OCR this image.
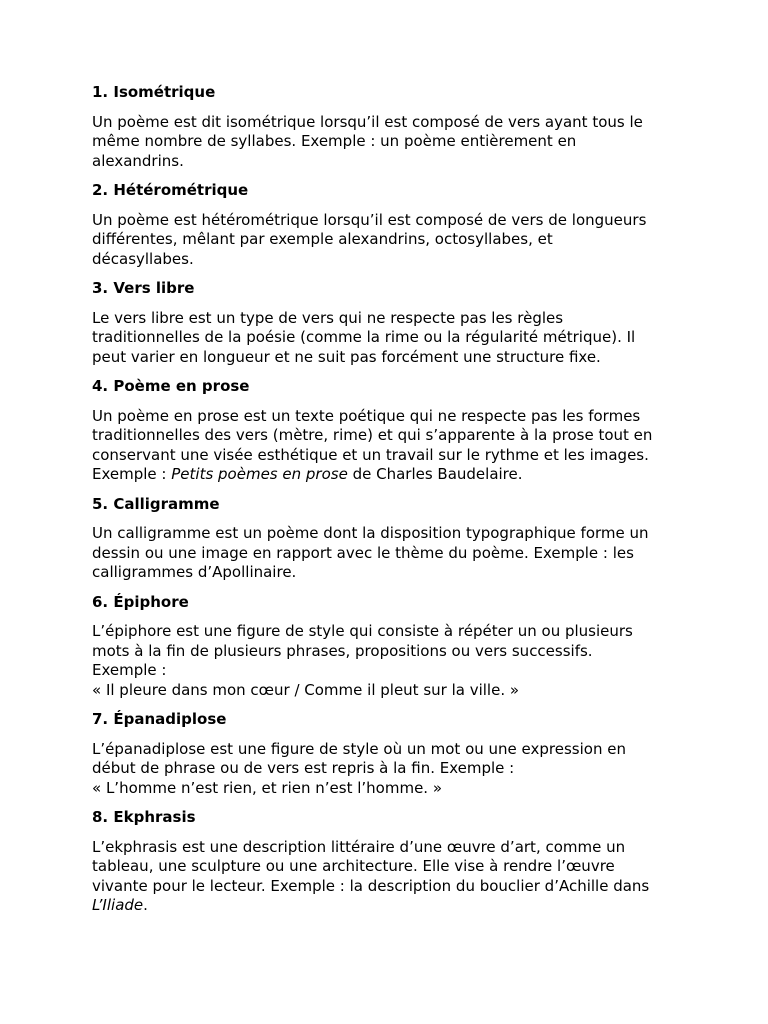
1. Isométrique
Un poème est dit isométrique lorsqu’il est composé de vers ayant tous le
même nombre de syllabes. Exemple : un poème entièrement en
alexandrins.
2. Hétérométrique
Un poème est hétérométrique lorsqu’il est composé de vers de longueurs
différentes, mêlant par exemple alexandrins, octosyllabes, et
décasyllabes.
3. Vers libre
Le vers libre est un type de vers qui ne respecte pas les règles
traditionnelles de la poésie (comme la rime ou la régularité métrique). Il
peut varier en longueur et ne suit pas forcément une structure fixe.
4. Poème en prose
Un poème en prose est un texte poétique qui ne respecte pas les formes
traditionnelles des vers (mètre, rime) et qui s’apparente à la prose tout en
conservant une visée esthétique et un travail sur le rythme et les images.
Exemple : Petits poèmes en prose de Charles Baudelaire.
5. Calligramme
Un calligramme est un poème dont la disposition typographique forme un
dessin ou une image en rapport avec le thème du poème. Exemple : les
calligrammes d’Apollinaire.
6. Épiphore
L’épiphore est une figure de style qui consiste à répéter un ou plusieurs
mots à la fin de plusieurs phrases, propositions ou vers successifs.
Exemple :
« Il pleure dans mon cœur / Comme il pleut sur la ville. »
7. Épanadiplose
L’épanadiplose est une figure de style où un mot ou une expression en
début de phrase ou de vers est repris à la fin. Exemple :
« L’homme n’est rien, et rien n’est l’homme. »
8. Ekphrasis
L’ekphrasis est une description littéraire d’une œuvre d’art, comme un
tableau, une sculpture ou une architecture. Elle vise à rendre l’œuvre
vivante pour le lecteur. Exemple : la description du bouclier d’Achille dans
L’Iliade.
